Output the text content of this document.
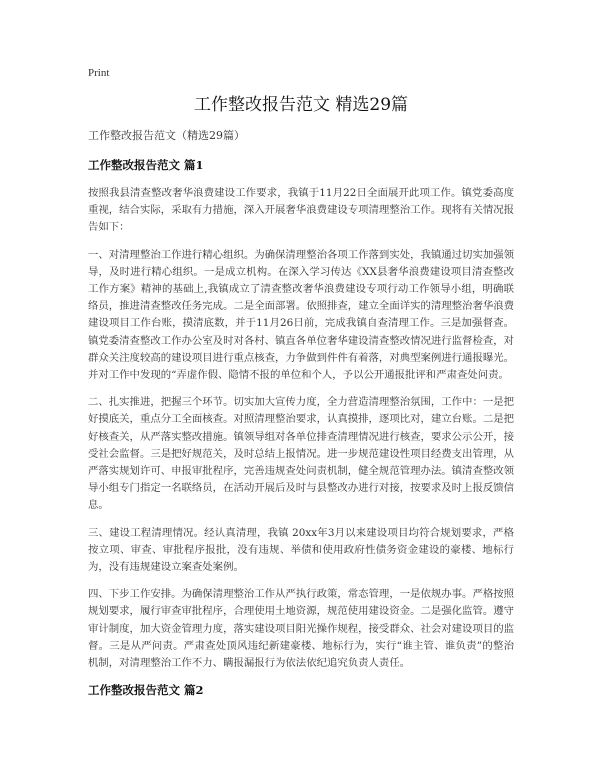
Print
工作整改报告范文 精选29篇
工作整改报告范文（精选29篇）
工作整改报告范文 篇1

按照我县清查整改奢华浪费建设工作要求，我镇于11月22日全面展开此项工作。镇党委高度重视，结合实际，采取有力措施，深入开展奢华浪费建设专项清理整治工作。现将有关情况报告如下：

一、对清理整治工作进行精心组织。为确保清理整治各项工作落到实处，我镇通过切实加强领导，及时进行精心组织。一是成立机构。在深入学习传达《XX县奢华浪费建设项目清查整改工作方案》精神的基础上,我镇成立了清查整改奢华浪费建设专项行动工作领导小组，明确联络员，推进清查整改任务完成。二是全面部署。依照排查，建立全面详实的清理整治奢华浪费建设项目工作台账，摸清底数，并于11月26日前，完成我镇自查清理工作。三是加强督查。镇党委清查整改工作办公室及时对各村、镇直各单位奢华建设清查整改情况进行监督检查，对群众关注度较高的建设项目进行重点核查，力争做到件件有着落，对典型案例进行通报曝光。并对工作中发现的“弄虚作假、隐情不报的单位和个人，予以公开通报批评和严肃查处问责。

二、扎实推进，把握三个环节。切实加大宣传力度，全力营造清理整治氛围，工作中：一是把好摸底关，重点分工全面核查。对照清理整治要求，认真摸排，逐项比对，建立台账。二是把好核查关，从严落实整改措施。镇领导组对各单位排查清理情况进行核查，要求公示公开，接受社会监督。三是把好规范关，及时总结上报情况。进一步规范建设性项目经费支出管理，从严落实规划许可、申报审批程序，完善违规查处问责机制，健全规范管理办法。镇清查整改领导小组专门指定一名联络员，在活动开展后及时与县整改办进行对接，按要求及时上报反馈信息。

三、建设工程清理情况。经认真清理，我镇 20xx年3月以来建设项目均符合规划要求，严格按立项、审查、审批程序报批，没有违规、举债和使用政府性债务资金建设的豪楼、地标行为，没有违规建设立案查处案例。

四、下步工作安排。为确保清理整治工作从严执行政策，常态管理，一是依规办事。严格按照规划要求，履行审查审批程序，合理使用土地资源，规范使用建设资金。二是强化监管。遵守审计制度，加大资金管理力度，落实建设项目阳光操作规程，接受群众、社会对建设项目的监督。三是从严问责。严肃查处顶风违纪新建豪楼、地标行为，实行“谁主管、谁负责”的整治机制，对清理整治工作不力、瞒报漏报行为依法依纪追究负责人责任。

工作整改报告范文 篇2
